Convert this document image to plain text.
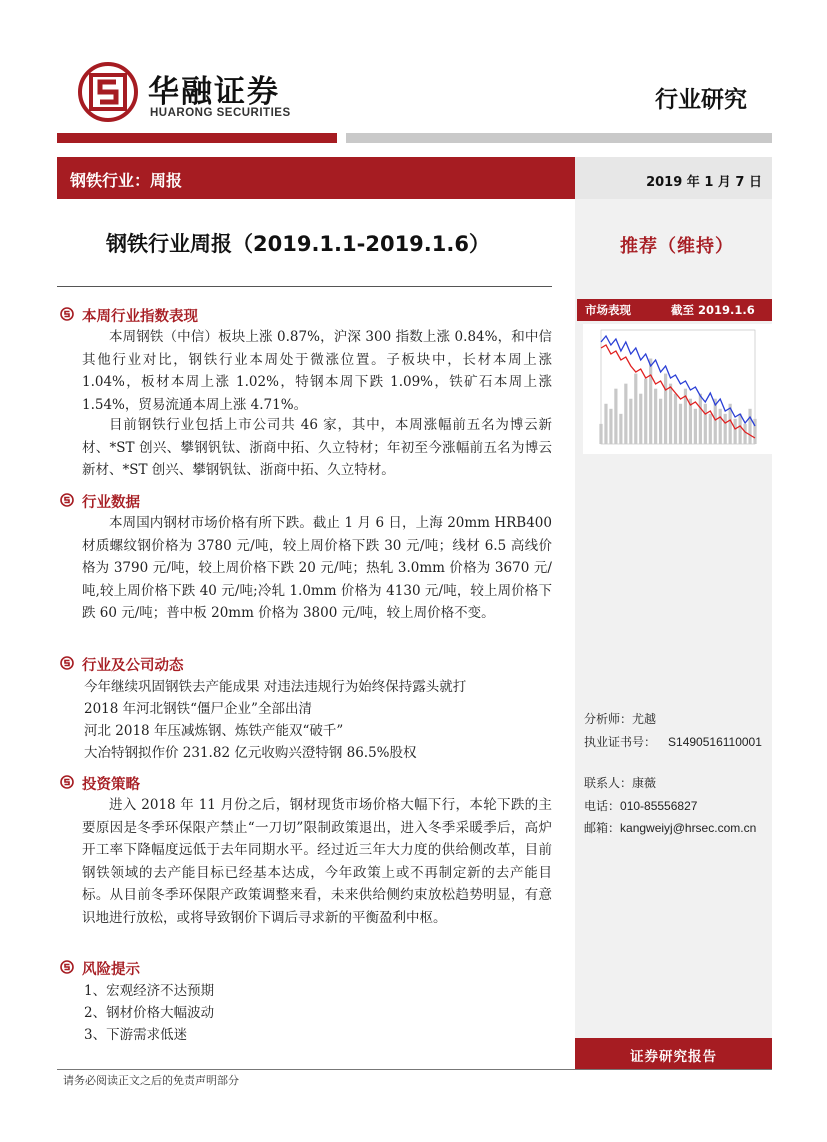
华融证券
HUARONG SECURITIES	行业研究
钢铁行业：周报	2019 年 1 月 7 日
钢铁行业周报（2019.1.1-2019.1.6）	推荐（维持）
本周行业指数表现
本周钢铁（中信）板块上涨 0.87%，沪深 300 指数上涨 0.84%，和中信其他行业对比，钢铁行业本周处于微涨位置。子板块中，长材本周上涨 1.04%，板材本周上涨 1.02%，特钢本周下跌 1.09%，铁矿石本周上涨 1.54%，贸易流通本周上涨 4.71%。
目前钢铁行业包括上市公司共 46 家，其中，本周涨幅前五名为博云新材、*ST 创兴、攀钢钒钛、浙商中拓、久立特材；年初至今涨幅前五名为博云新材、*ST 创兴、攀钢钒钛、浙商中拓、久立特材。
行业数据
本周国内钢材市场价格有所下跌。截止 1 月 6 日，上海 20mm HRB400 材质螺纹钢价格为 3780 元/吨，较上周价格下跌 30 元/吨；线材 6.5 高线价格为 3790 元/吨，较上周价格下跌 20 元/吨；热轧 3.0mm 价格为 3670 元/吨,较上周价格下跌 40 元/吨;冷轧 1.0mm 价格为 4130 元/吨，较上周价格下跌 60 元/吨；普中板 20mm 价格为 3800 元/吨，较上周价格不变。
行业及公司动态
今年继续巩固钢铁去产能成果 对违法违规行为始终保持露头就打
2018 年河北钢铁“僵尸企业”全部出清
河北 2018 年压减炼钢、炼铁产能双“破千”
大冶特钢拟作价 231.82 亿元收购兴澄特钢 86.5%股权
投资策略
进入 2018 年 11 月份之后，钢材现货市场价格大幅下行，本轮下跌的主要原因是冬季环保限产禁止“一刀切”限制政策退出，进入冬季采暖季后，高炉开工率下降幅度远低于去年同期水平。经过近三年大力度的供给侧改革，目前钢铁领域的去产能目标已经基本达成，今年政策上或不再制定新的去产能目标。从目前冬季环保限产政策调整来看，未来供给侧约束放松趋势明显，有意识地进行放松，或将导致钢价下调后寻求新的平衡盈利中枢。
风险提示
1、宏观经济不达预期
2、钢材价格大幅波动
3、下游需求低迷
市场表现	截至 2019.1.6
分析师：尤越
执业证书号： S1490516110001
联系人：康薇
电话：010-85556827
邮箱：kangweiyj@hrsec.com.cn
证券研究报告
请务必阅读正文之后的免责声明部分
